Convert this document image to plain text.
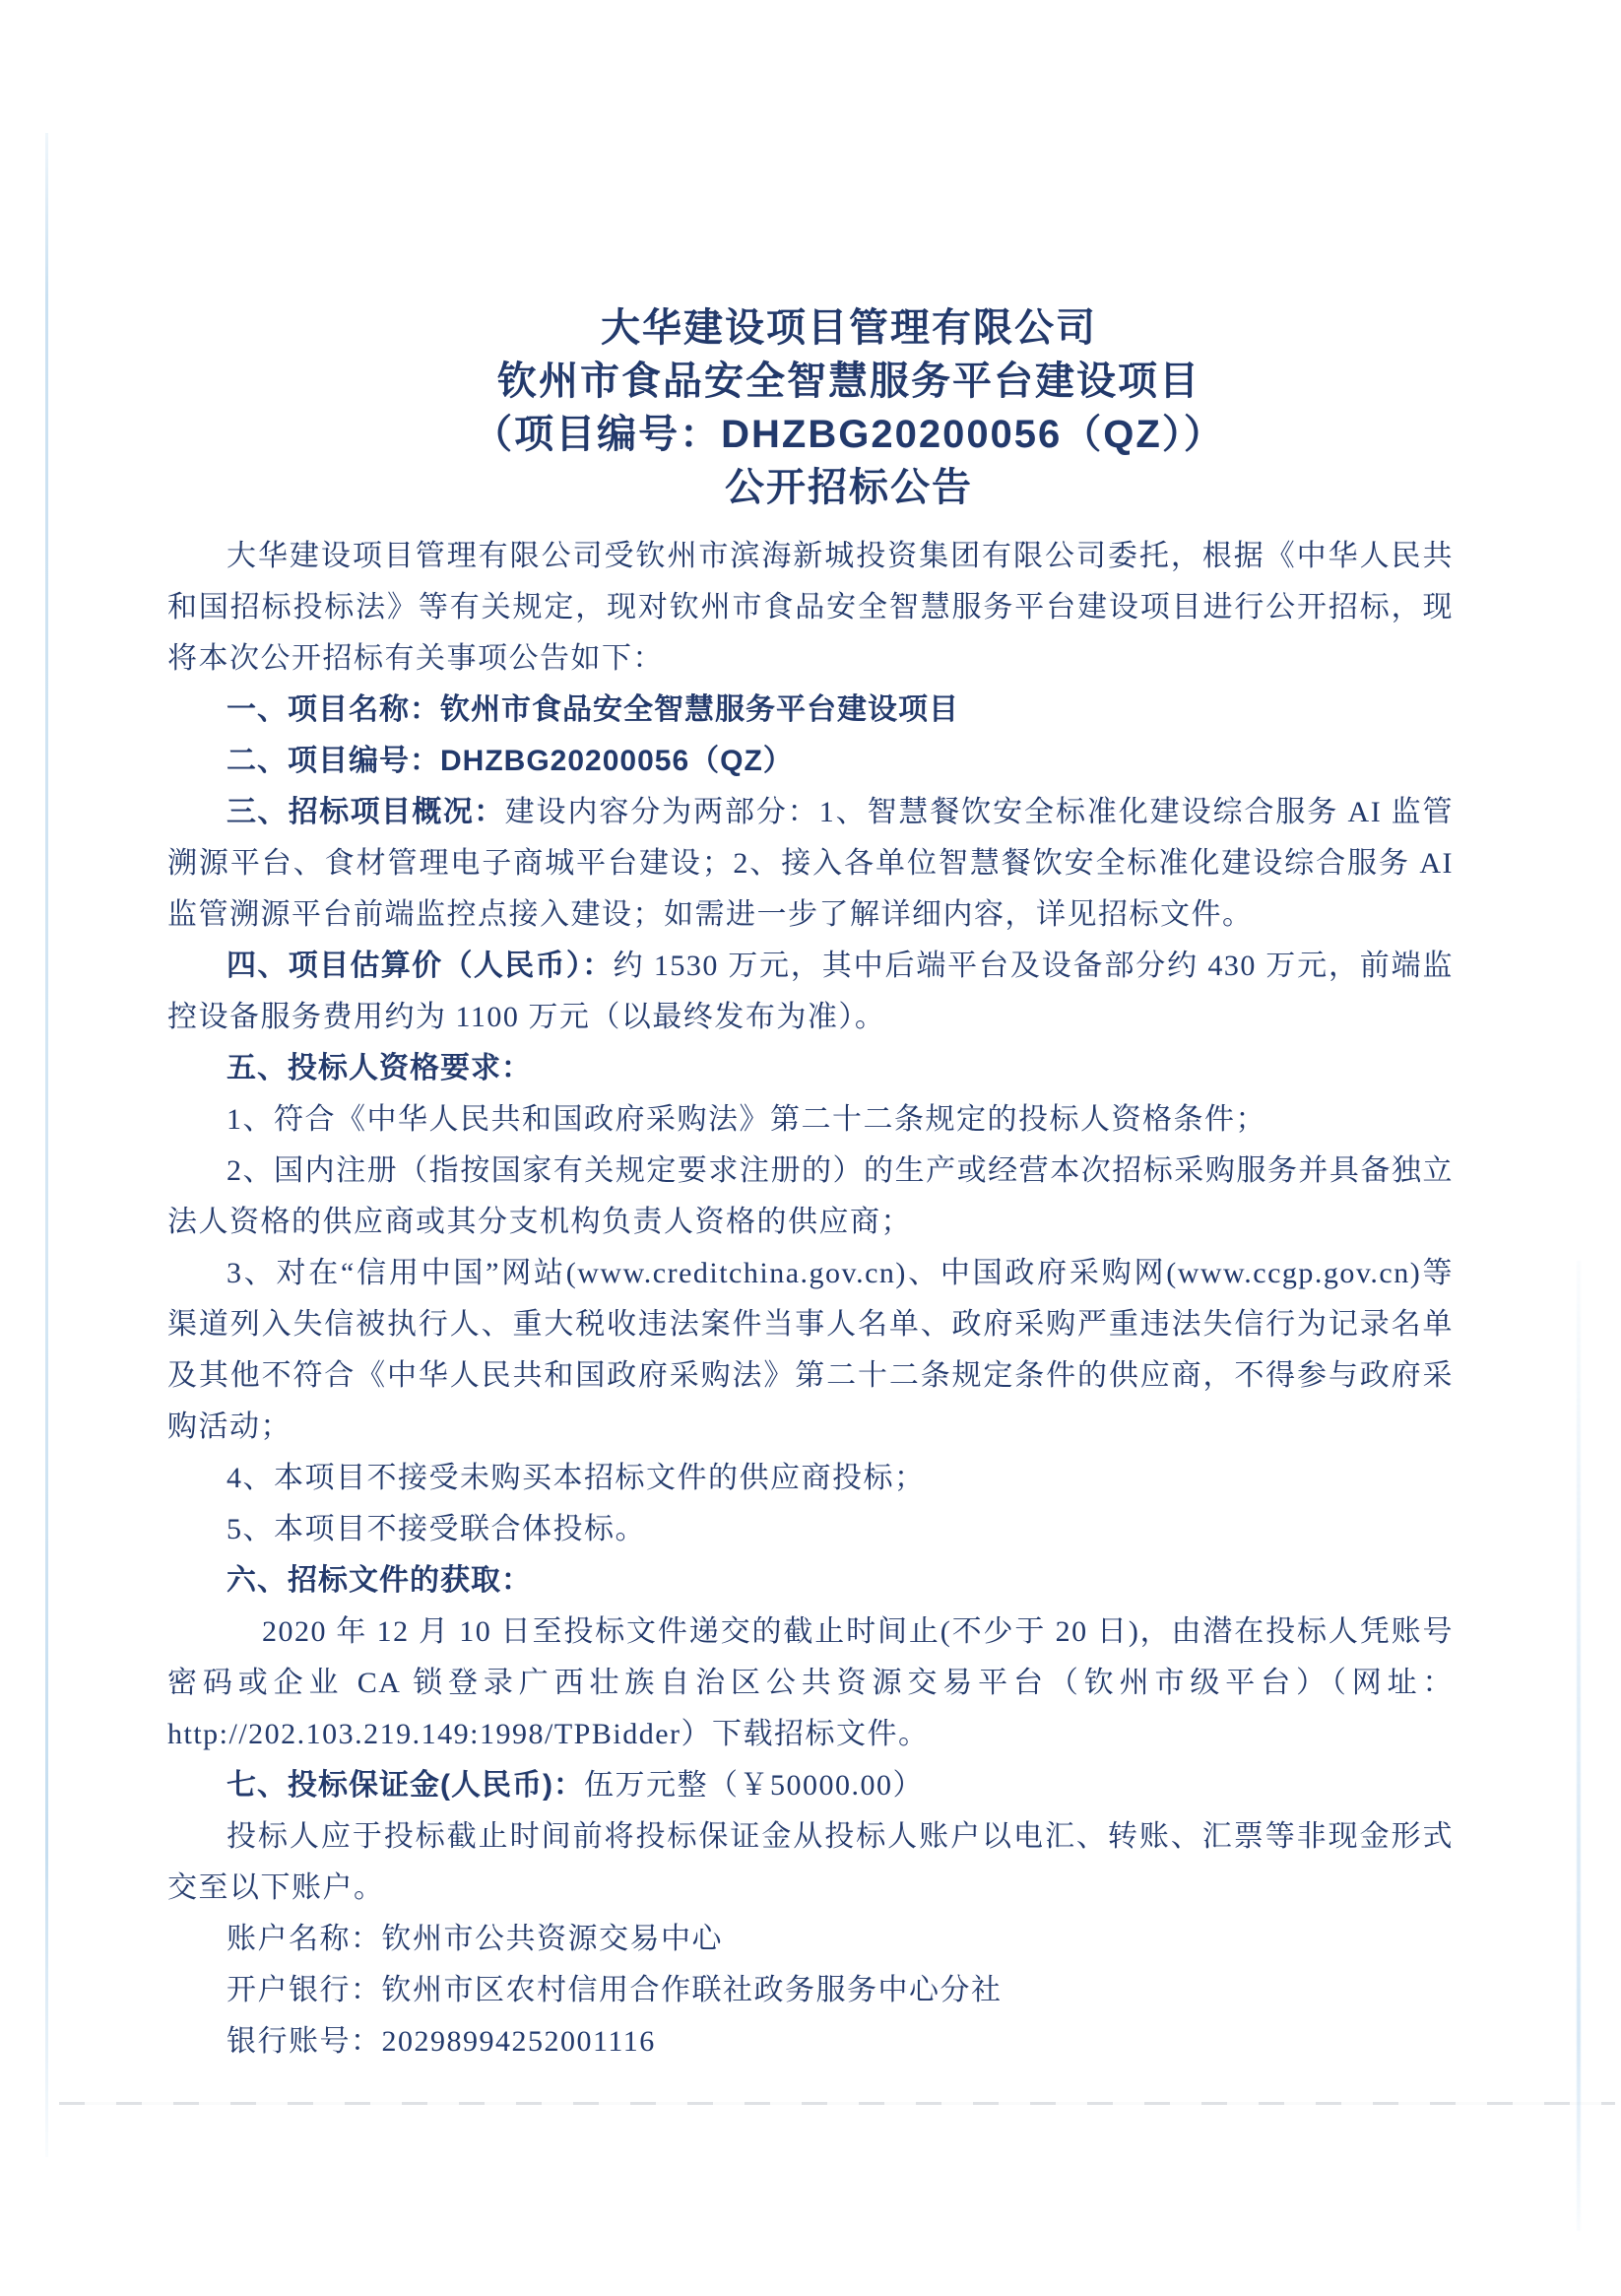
大华建设项目管理有限公司
钦州市食品安全智慧服务平台建设项目
（项目编号：DHZBG20200056（QZ））
公开招标公告

大华建设项目管理有限公司受钦州市滨海新城投资集团有限公司委托，根据《中华人民共和国招标投标法》等有关规定，现对钦州市食品安全智慧服务平台建设项目进行公开招标，现将本次公开招标有关事项公告如下：

一、项目名称：钦州市食品安全智慧服务平台建设项目

二、项目编号：DHZBG20200056（QZ）

三、招标项目概况：建设内容分为两部分：1、智慧餐饮安全标准化建设综合服务 AI 监管溯源平台、食材管理电子商城平台建设；2、接入各单位智慧餐饮安全标准化建设综合服务 AI 监管溯源平台前端监控点接入建设；如需进一步了解详细内容，详见招标文件。

四、项目估算价（人民币）：约 1530 万元，其中后端平台及设备部分约 430 万元，前端监控设备服务费用约为 1100 万元（以最终发布为准）。

五、投标人资格要求：

1、符合《中华人民共和国政府采购法》第二十二条规定的投标人资格条件；

2、国内注册（指按国家有关规定要求注册的）的生产或经营本次招标采购服务并具备独立法人资格的供应商或其分支机构负责人资格的供应商；

3、对在“信用中国”网站(www.creditchina.gov.cn)、中国政府采购网(www.ccgp.gov.cn)等渠道列入失信被执行人、重大税收违法案件当事人名单、政府采购严重违法失信行为记录名单及其他不符合《中华人民共和国政府采购法》第二十二条规定条件的供应商，不得参与政府采购活动；

4、本项目不接受未购买本招标文件的供应商投标；

5、本项目不接受联合体投标。

六、招标文件的获取：

2020 年 12 月 10 日至投标文件递交的截止时间止(不少于 20 日)，由潜在投标人凭账号密码或企业 CA 锁登录广西壮族自治区公共资源交易平台（钦州市级平台）（网址：http://202.103.219.149:1998/TPBidder）下载招标文件。

七、投标保证金(人民币)：伍万元整（￥50000.00）

投标人应于投标截止时间前将投标保证金从投标人账户以电汇、转账、汇票等非现金形式交至以下账户。

账户名称：钦州市公共资源交易中心

开户银行：钦州市区农村信用合作联社政务服务中心分社

银行账号：20298994252001116
